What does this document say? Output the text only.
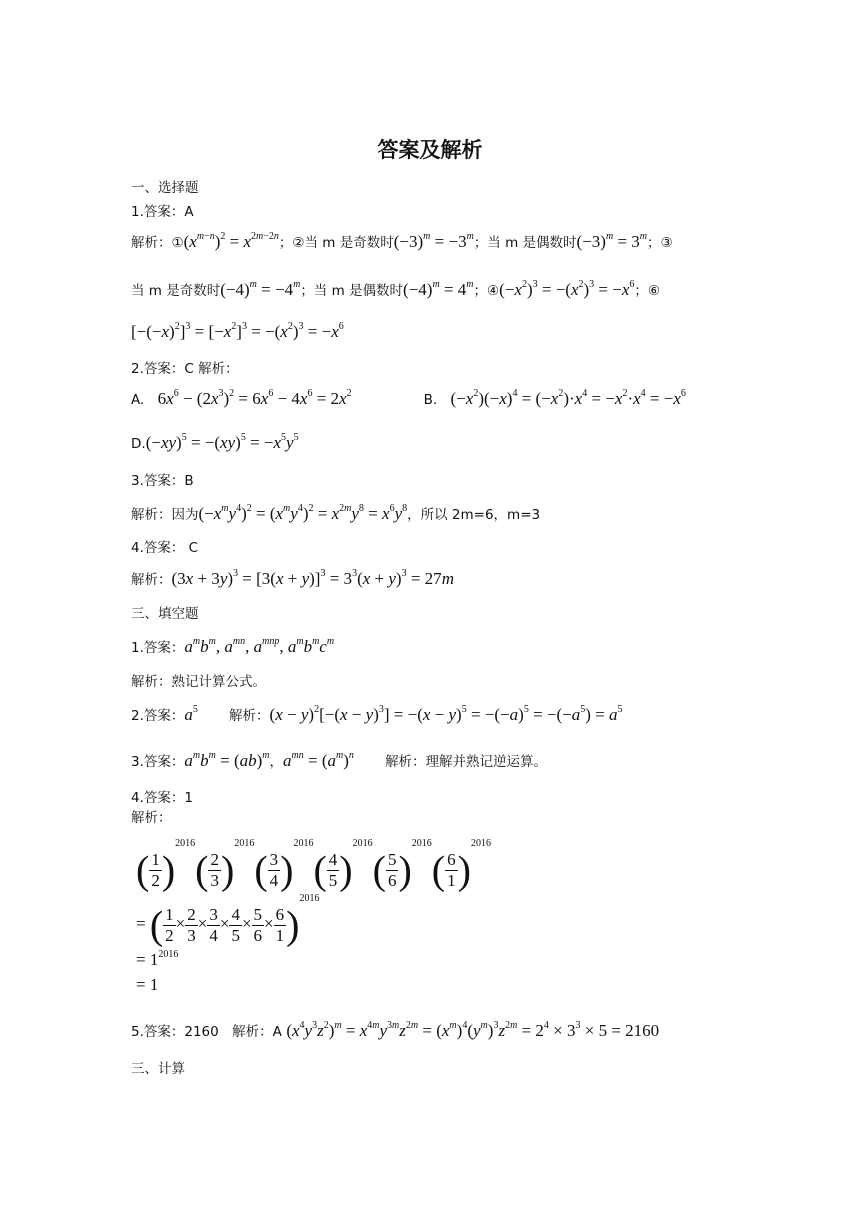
答案及解析
一、选择题
1.答案：A
解析：$①(x^{m-n})^2 = x^{2m-2n}$；②当 m 是奇数时$(-3)^m = -3^m$；当 m 是偶数时$(-3)^m = 3^m$；③
当 m 是奇数时$(-4)^m = -4^m$；当 m 是偶数时$(-4)^m = 4^m$；$④(-x^2)^3 = -(x^2)^3 = -x^6$；⑥
$[-(-x)^2]^3 = [-x^2]^3 = -(x^2)^3 = -x^6$
2.答案：C 解析：
A. $6x^6 - (2x^3)^2 = 6x^6 - 4x^6 = 2x^2$	B. $(-x^2)(-x)^4 = (-x^2)\cdot x^4 = -x^2\cdot x^4 = -x^6$
$D.(-xy)^5 = -(xy)^5 = -x^5y^5$
3.答案：B
解析：因为$(-x^my^4)^2 = (x^my^4)^2 = x^{2m}y^8 = x^6y^8$，所以 2m=6，m=3
4.答案： C
解析：$(3x + 3y)^3 = [3(x + y)]^3 = 3^3(x + y)^3 = 27m$
三、填空题
1.答案：$a^mb^m$, $a^{mn}$, $a^{mnp}$, $a^mb^mc^m$
解析：熟记计算公式。
2.答案：$a^5$ 解析：$(x - y)^2[-(x - y)^3] = -(x - y)^5 = -(-a)^5 = -(-a^5) = a^5$
3.答案：$a^mb^m = (ab)^m$，$a^{mn} = (a^m)^n$ 解析：理解并熟记逆运算。
4.答案：1
解析：
( $\frac{1}{2} )^{2016}( \frac{2}{3} )^{2016}( \frac{3}{4} )^{2016}( \frac{4}{5} )^{2016}( \frac{5}{6} )^{2016}( \frac{6}{1} )^{2016}$
= ( $\frac{1}{2} \times \frac{2}{3} \times \frac{3}{4} \times \frac{4}{5} \times \frac{5}{6} \times \frac{6}{1} )^{2016}$
= $1^{2016}$
= 1
5.答案：2160 解析：A $(x^4y^3z^2)^m = x^{4m}y^{3m}z^{2m} = (x^m)^4(y^m)^3z^{2m} = 2^4 \times 3^3 \times 5 = 2160$
三、计算
